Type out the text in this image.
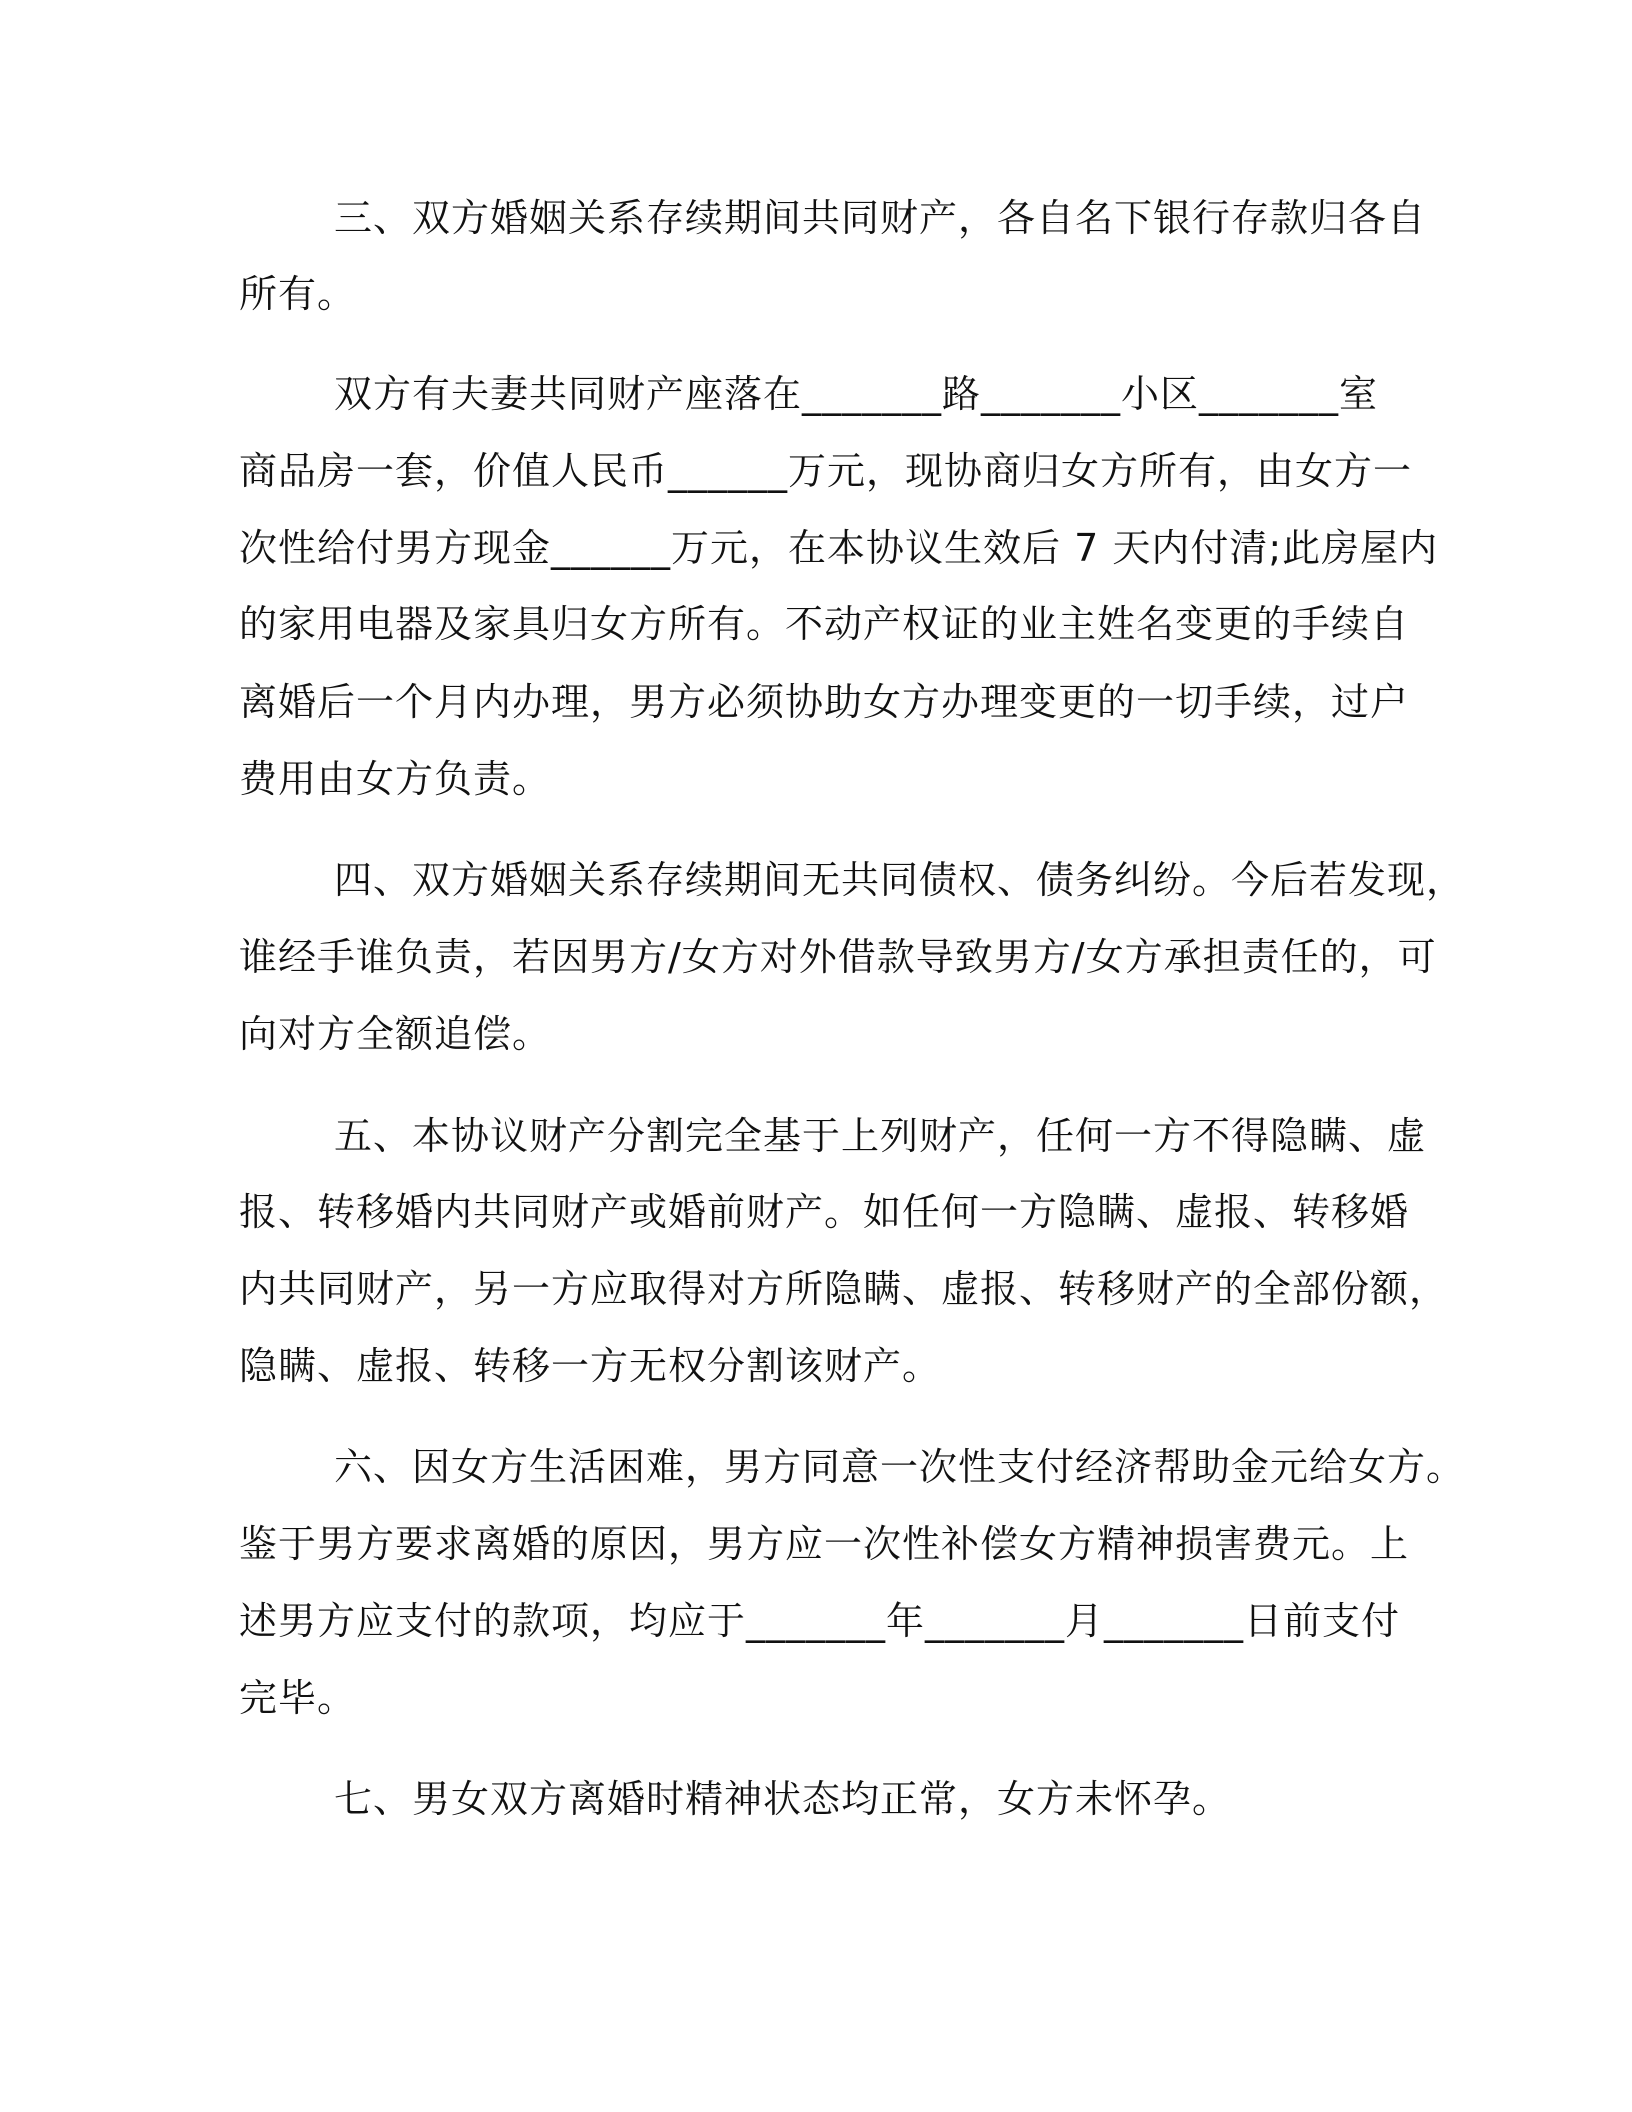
三、双方婚姻关系存续期间共同财产，各自名下银行存款归各自
所有。
双方有夫妻共同财产座落在_______路_______小区_______室
商品房一套，价值人民币______万元，现协商归女方所有，由女方一
次性给付男方现金______万元，在本协议生效后 7 天内付清;此房屋内
的家用电器及家具归女方所有。不动产权证的业主姓名变更的手续自
离婚后一个月内办理，男方必须协助女方办理变更的一切手续，过户
费用由女方负责。
四、双方婚姻关系存续期间无共同债权、债务纠纷。今后若发现，
谁经手谁负责，若因男方/女方对外借款导致男方/女方承担责任的，可
向对方全额追偿。
五、本协议财产分割完全基于上列财产，任何一方不得隐瞒、虚
报、转移婚内共同财产或婚前财产。如任何一方隐瞒、虚报、转移婚
内共同财产，另一方应取得对方所隐瞒、虚报、转移财产的全部份额，
隐瞒、虚报、转移一方无权分割该财产。
六、因女方生活困难，男方同意一次性支付经济帮助金元给女方。
鉴于男方要求离婚的原因，男方应一次性补偿女方精神损害费元。上
述男方应支付的款项，均应于_______年_______月_______日前支付
完毕。
七、男女双方离婚时精神状态均正常，女方未怀孕。
